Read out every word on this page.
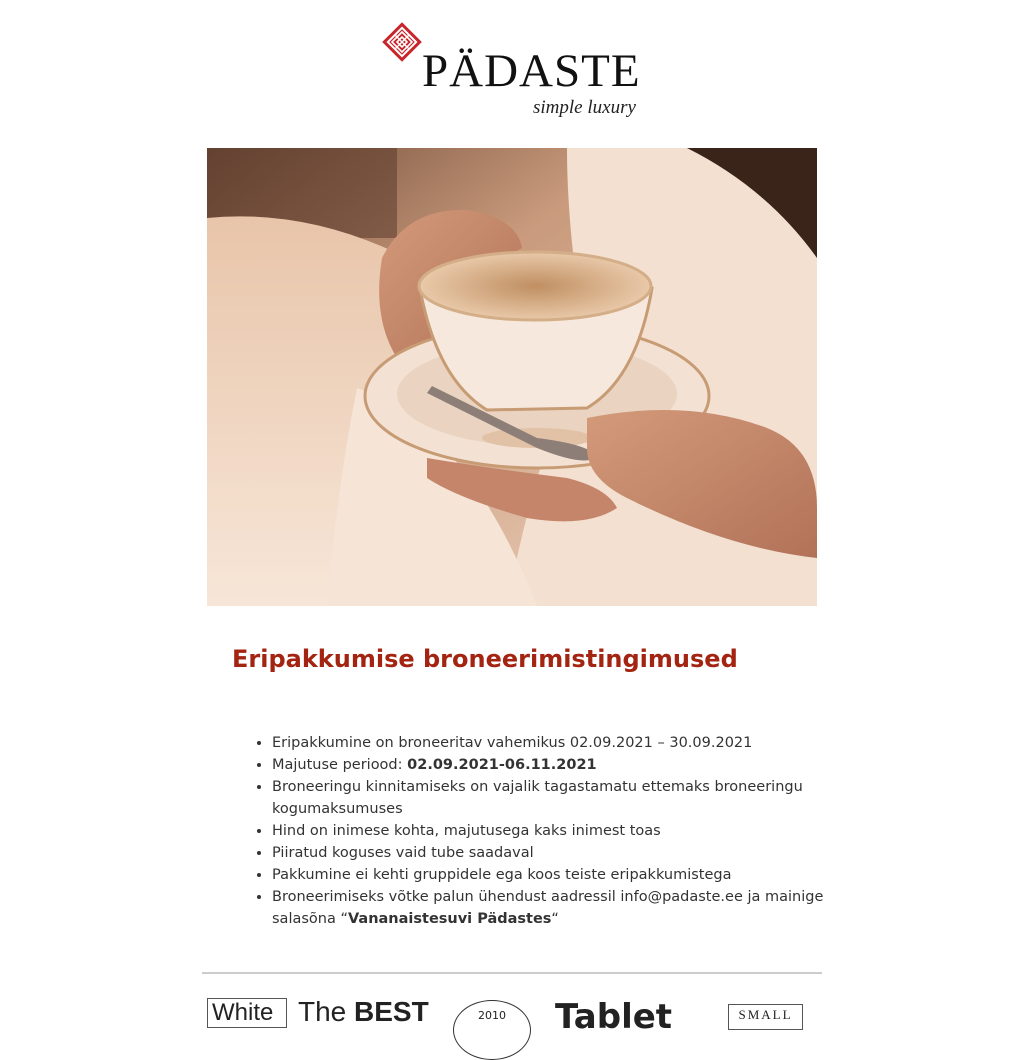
PÄDASTE
simple luxury
Eripakkumise broneerimistingimused
• Eripakkumine on broneeritav vahemikus 02.09.2021 – 30.09.2021
• Majutuse periood: 02.09.2021-06.11.2021
• Broneeringu kinnitamiseks on vajalik tagastamatu ettemaks broneeringu kogumaksumuses
• Hind on inimese kohta, majutusega kaks inimest toas
• Piiratud koguses vaid tube saadaval
• Pakkumine ei kehti gruppidele ega koos teiste eripakkumistega
• Broneerimiseks võtke palun ühendust aadressil info@padaste.ee ja mainige salasõna “Vananaistesuvi Pädastes“
White The BEST	2010	Tablet	SMALL
